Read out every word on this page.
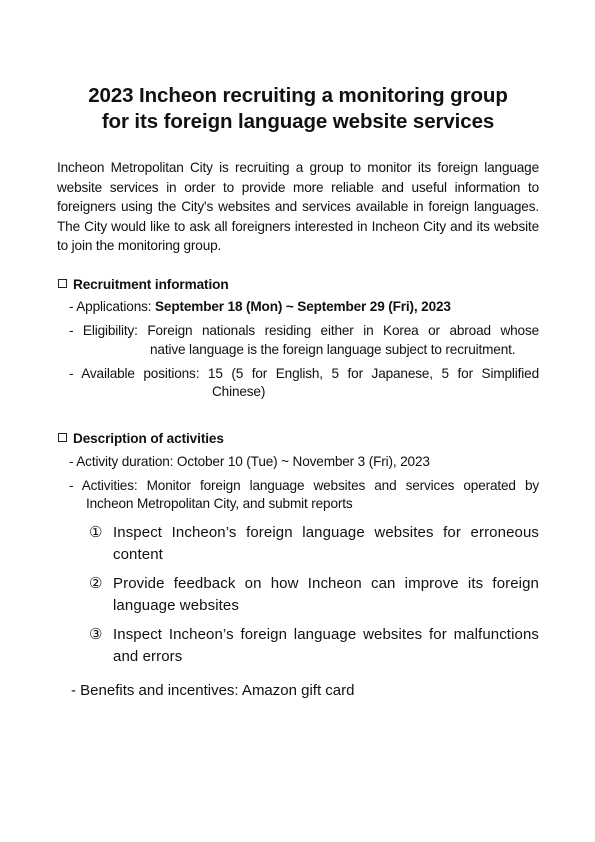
2023 Incheon recruiting a monitoring group
for its foreign language website services
Incheon Metropolitan City is recruiting a group to monitor its foreign language website services in order to provide more reliable and useful information to foreigners using the City's websites and services available in foreign languages. The City would like to ask all foreigners interested in Incheon City and its website to join the monitoring group.
Recruitment information
- Applications: September 18 (Mon) ~ September 29 (Fri), 2023
- Eligibility: Foreign nationals residing either in Korea or abroad whose
native language is the foreign language subject to recruitment.
- Available positions: 15 (5 for English, 5 for Japanese, 5 for Simplified
Chinese)
Description of activities
- Activity duration: October 10 (Tue) ~ November 3 (Fri), 2023
- Activities: Monitor foreign language websites and services operated by
Incheon Metropolitan City, and submit reports
① Inspect Incheon’s foreign language websites for erroneous content
② Provide feedback on how Incheon can improve its foreign language websites
③ Inspect Incheon’s foreign language websites for malfunctions and errors
- Benefits and incentives: Amazon gift card
